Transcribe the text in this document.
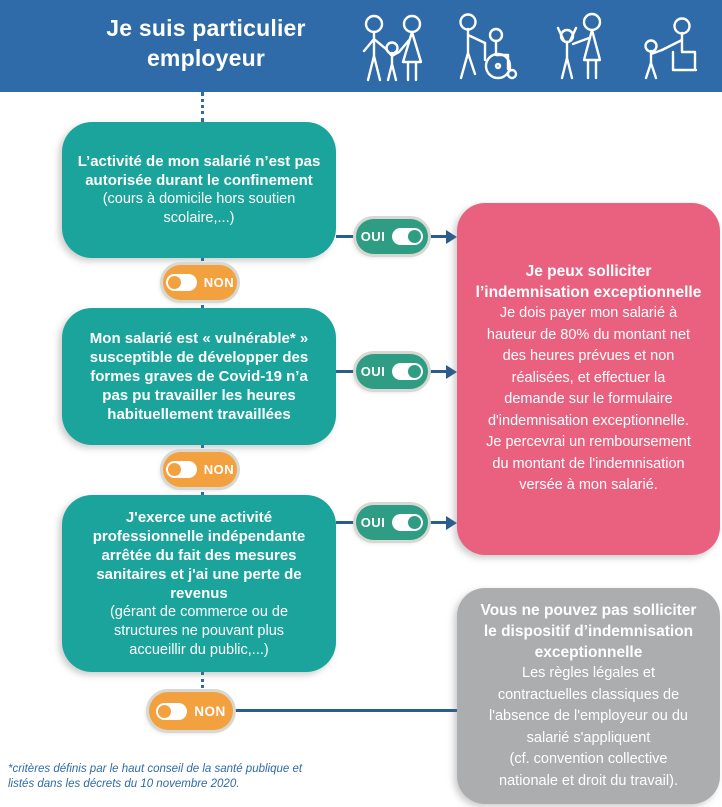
Je suis particulier
employeur
L’activité de mon salarié n’est pas
autorisée durant le confinement
(cours à domicile hors soutien
scolaire,...)
Mon salarié est « vulnérable* »
susceptible de développer des
formes graves de Covid-19 n’a
pas pu travailler les heures
habituellement travaillées
J'exerce une activité
professionnelle indépendante
arrêtée du fait des mesures
sanitaires et j'ai une perte de
revenus
(gérant de commerce ou de
structures ne pouvant plus
accueillir du public,...)
OUI
OUI
OUI
NON
NON
NON
Je peux solliciter
l’indemnisation exceptionnelle
Je dois payer mon salarié à
hauteur de 80% du montant net
des heures prévues et non
réalisées, et effectuer la
demande sur le formulaire
d'indemnisation exceptionnelle.
Je percevrai un remboursement
du montant de l'indemnisation
versée à mon salarié.
Vous ne pouvez pas solliciter
le dispositif d’indemnisation
exceptionnelle
Les règles légales et
contractuelles classiques de
l'absence de l'employeur ou du
salarié s'appliquent
(cf. convention collective
nationale et droit du travail).
*critères définis par le haut conseil de la santé publique et
listés dans les décrets du 10 novembre 2020.
